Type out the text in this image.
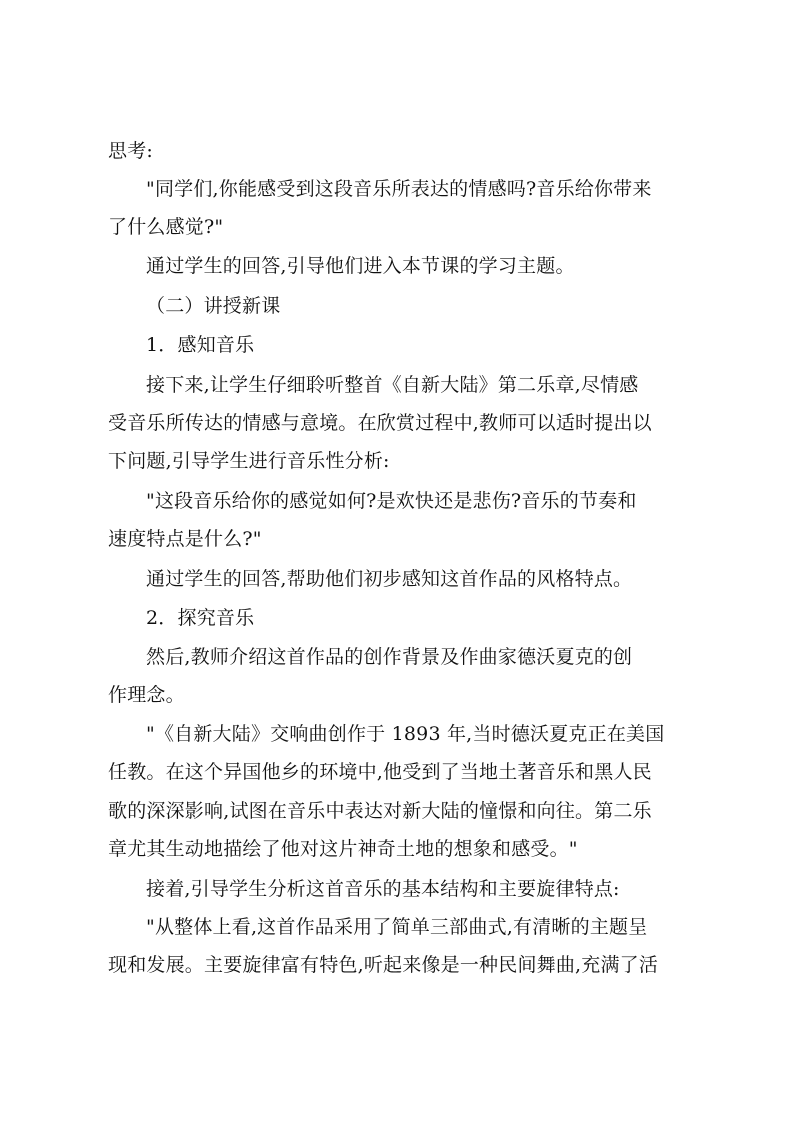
思考:
"同学们,你能感受到这段音乐所表达的情感吗?音乐给你带来
了什么感觉?"
通过学生的回答,引导他们进入本节课的学习主题。
（二）讲授新课
1．感知音乐
接下来,让学生仔细聆听整首《自新大陆》第二乐章,尽情感
受音乐所传达的情感与意境。在欣赏过程中,教师可以适时提出以
下问题,引导学生进行音乐性分析:
"这段音乐给你的感觉如何?是欢快还是悲伤?音乐的节奏和
速度特点是什么?"
通过学生的回答,帮助他们初步感知这首作品的风格特点。
2．探究音乐
然后,教师介绍这首作品的创作背景及作曲家德沃夏克的创
作理念。
"《自新大陆》交响曲创作于 1893 年,当时德沃夏克正在美国
任教。在这个异国他乡的环境中,他受到了当地土著音乐和黑人民
歌的深深影响,试图在音乐中表达对新大陆的憧憬和向往。第二乐
章尤其生动地描绘了他对这片神奇土地的想象和感受。"
接着,引导学生分析这首音乐的基本结构和主要旋律特点:
"从整体上看,这首作品采用了简单三部曲式,有清晰的主题呈
现和发展。主要旋律富有特色,听起来像是一种民间舞曲,充满了活
